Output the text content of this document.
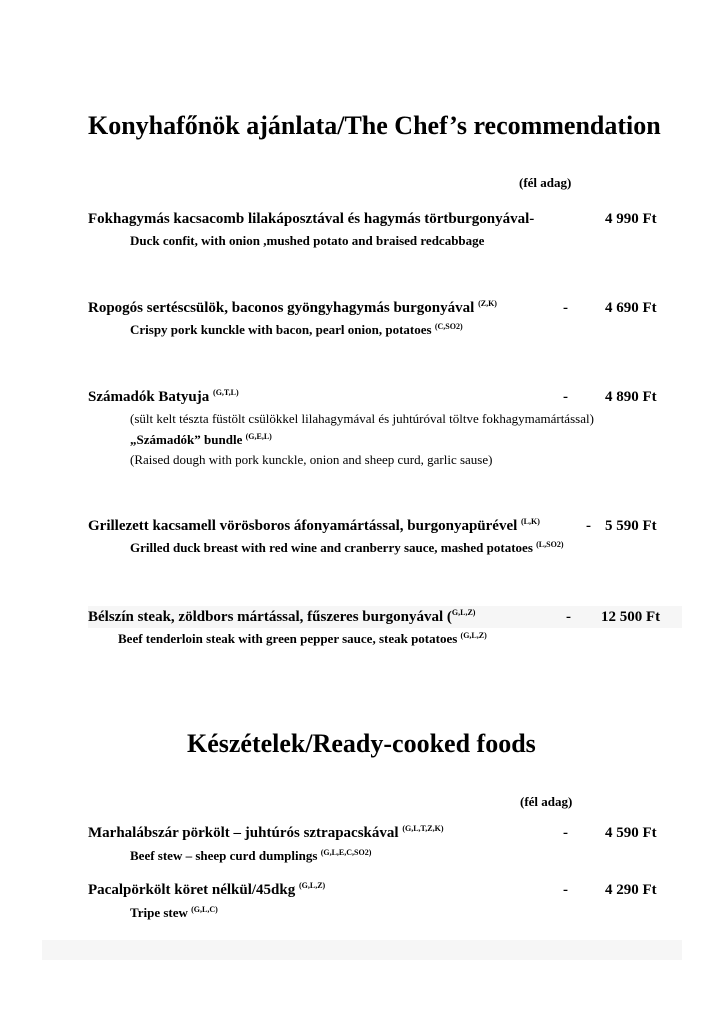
Konyhafőnök ajánlata/The Chef’s recommendation
(fél adag)
Fokhagymás kacsacomb lilakáposztával és hagymás törtburgonyával-	4 990 Ft
Duck confit, with onion ,mushed potato and braised redcabbage
Ropogós sertéscsülök, baconos gyöngyhagymás burgonyával $^{(Z,K)}$	- 4 690 Ft
Crispy pork kunckle with bacon, pearl onion, potatoes $^{(C,SO2)}$
Számadók Batyuja $^{(G,T,L)}$	- 4 890 Ft
(sült kelt tészta füstölt csülökkel lilahagymával és juhtúróval töltve fokhagymamártással)
„Számadók” bundle $^{(G,E,L)}$
(Raised dough with pork kunckle, onion and sheep curd, garlic sause)
Grillezett kacsamell vörösboros áfonyamártással, burgonyapürével $^{(L,K)}$	- 5 590 Ft
Grilled duck breast with red wine and cranberry sauce, mashed potatoes $^{(L,SO2)}$
Bélszín steak, zöldbors mártással, fűszeres burgonyával ($^{G,L,Z)}$	- 12 500 Ft
Beef tenderloin steak with green pepper sauce, steak potatoes $^{(G,L,Z)}$
Készételek/Ready-cooked foods
(fél adag)
Marhalábszár pörkölt – juhtúrós sztrapacskával $^{(G,L,T,Z,K)}$	- 4 590 Ft
Beef stew – sheep curd dumplings $^{(G,L,E,C,SO2)}$
Pacalpörkölt köret nélkül/45dkg $^{(G,L,Z)}$	- 4 290 Ft
Tripe stew $^{(G,L,C)}$
